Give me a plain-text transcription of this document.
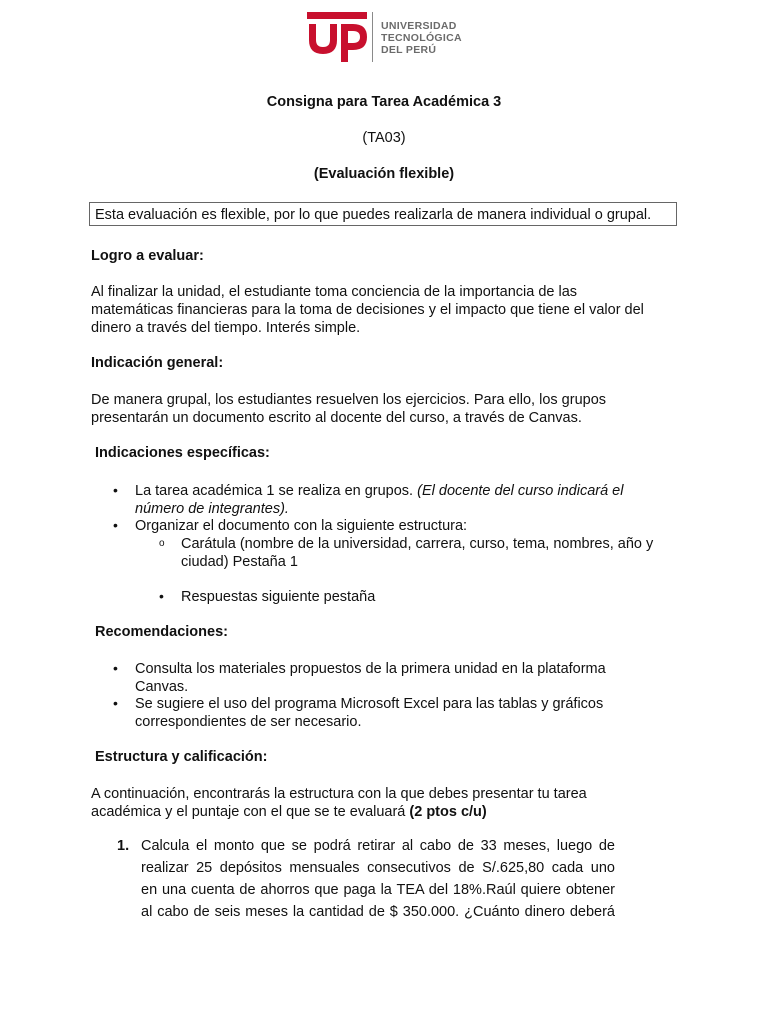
UNIVERSIDAD
TECNOLÓGICA
DEL PERÚ
Consigna para Tarea Académica 3
(TA03)
(Evaluación flexible)
Esta evaluación es flexible, por lo que puedes realizarla de manera individual o grupal.
Logro a evaluar:
Al finalizar la unidad, el estudiante toma conciencia de la importancia de las
matemáticas financieras para la toma de decisiones y el impacto que tiene el valor del
dinero a través del tiempo. Interés simple.
Indicación general:
De manera grupal, los estudiantes resuelven los ejercicios. Para ello, los grupos
presentarán un documento escrito al docente del curso, a través de Canvas.
Indicaciones específicas:
• La tarea académica 1 se realiza en grupos. (El docente del curso indicará el
número de integrantes).
• Organizar el documento con la siguiente estructura:
o Carátula (nombre de la universidad, carrera, curso, tema, nombres, año y
ciudad) Pestaña 1
• Respuestas siguiente pestaña
Recomendaciones:
• Consulta los materiales propuestos de la primera unidad en la plataforma
Canvas.
• Se sugiere el uso del programa Microsoft Excel para las tablas y gráficos
correspondientes de ser necesario.
Estructura y calificación:
A continuación, encontrarás la estructura con la que debes presentar tu tarea
académica y el puntaje con el que se te evaluará (2 ptos c/u)
1. Calcula el monto que se podrá retirar al cabo de 33 meses, luego de
realizar 25 depósitos mensuales consecutivos de S/.625,80 cada uno
en una cuenta de ahorros que paga la TEA del 18%.Raúl quiere obtener
al cabo de seis meses la cantidad de $ 350.000. ¿Cuánto dinero deberá
